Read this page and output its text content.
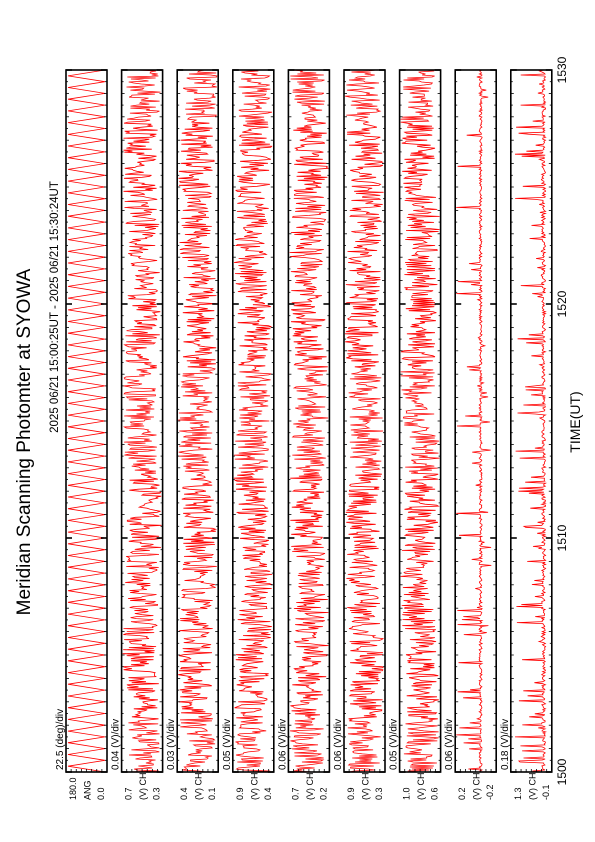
Meridian Scanning Photomter at SYOWA 2025 06/21 15:00:25UT - 2025 06/21 15:30:24UT
22.5 (deg)/div
0.0
ANG
180.0
0.04 (V)/div
0.3
(V) CH
0.7
0.03 (V)/div
0.1
(V) CH
0.4
0.05 (V)/div
0.4
(V) CH
0.9
0.06 (V)/div
0.2
(V) CH
0.7
0.06 (V)/div
0.3
(V) CH
0.9
0.05 (V)/div
0.6
(V) CH
1.0
0.06 (V)/div
-0.2
(V) CH
0.2
0.18 (V)/div
-0.1
(V) CH
1.3
1500
1510
1520
1530
TIME(UT)
